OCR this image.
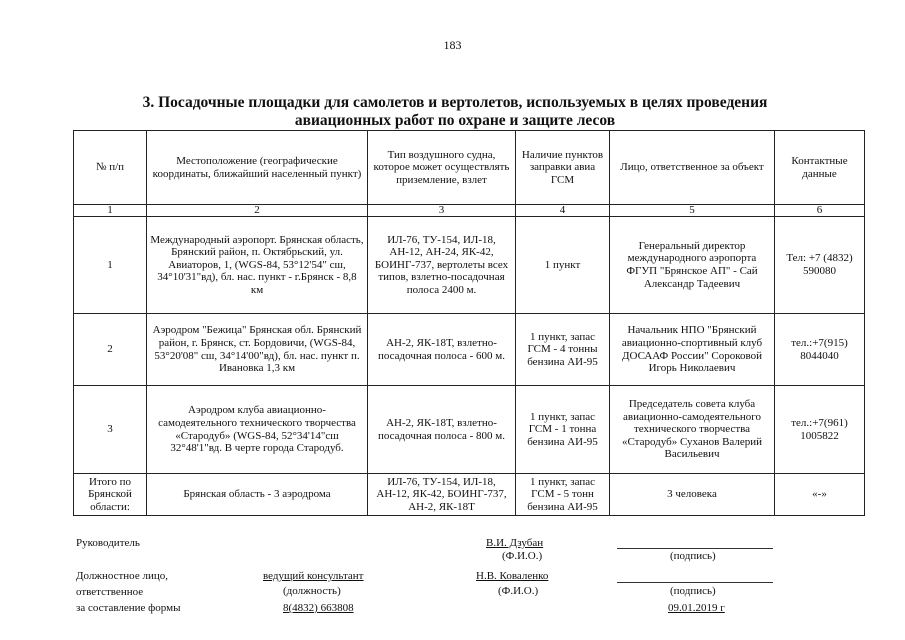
183
3. Посадочные площадки для самолетов и вертолетов, используемых в целях проведения
авиационных работ по охране и защите лесов
№ п/п	Местоположение (географические координаты, ближайший населенный пункт)	Тип воздушного судна, которое может осуществлять приземление, взлет	Наличие пунктов заправки авиа ГСМ	Лицо, ответственное за объект	Контактные данные
1	2	3	4	5	6
1	Международный аэропорт. Брянская область, Брянский район, п. Октябрьский, ул. Авиаторов, 1, (WGS-84, 53°12'54" сш, 34°10'31"вд), бл. нас. пункт - г.Брянск - 8,8 км	ИЛ-76, ТУ-154, ИЛ-18, АН-12, АН-24, ЯК-42, БОИНГ-737, вертолеты всех типов, взлетно-посадочная полоса 2400 м.	1 пункт	Генеральный директор международного аэропорта ФГУП "Брянское АП" - Сай Александр Тадеевич	Тел: +7 (4832) 590080
2	Аэродром "Бежица" Брянская обл. Брянский район, г. Брянск, ст. Бордовичи, (WGS-84, 53°20'08" сш, 34°14'00"вд), бл. нас. пункт п. Ивановка 1,3 км	АН-2, ЯК-18Т, взлетно-посадочная полоса - 600 м.	1 пункт, запас ГСМ - 4 тонны бензина АИ-95	Начальник НПО "Брянский авиационно-спортивный клуб ДОСААФ России" Сороковой Игорь Николаевич	тел.:+7(915) 8044040
3	Аэродром клуба авиационно-самодеятельного технического творчества «Стародуб» (WGS-84, 52°34'14"сш 32°48'1"вд. В черте города Стародуб.	АН-2, ЯК-18Т, взлетно-посадочная полоса - 800 м.	1 пункт, запас ГСМ - 1 тонна бензина АИ-95	Председатель совета клуба авиационно-самодеятельного технического творчества «Стародуб» Суханов Валерий Васильевич	тел.:+7(961) 1005822
Итого по Брянской области:	Брянская область - 3 аэродрома	ИЛ-76, ТУ-154, ИЛ-18, АН-12, ЯК-42, БОИНГ-737, АН-2, ЯК-18Т	1 пункт, запас ГСМ - 5 тонн бензина АИ-95	3 человека	«-»
Руководитель	В.И. Дзубан
(Ф.И.О.)	(подпись)
Должностное лицо,
ответственное
за составление формы
ведущий консультант
(должность)
8(4832) 663808
Н.В. Коваленко
(Ф.И.О.)	(подпись)
09.01.2019 г
